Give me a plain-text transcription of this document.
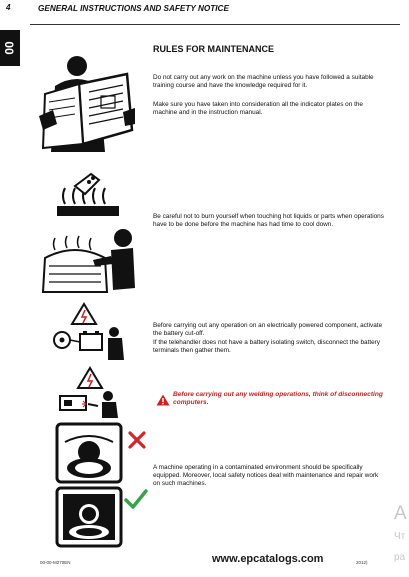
4	GENERAL INSTRUCTIONS AND SAFETY NOTICE
00	RULES FOR MAINTENANCE
Do not carry out any work on the machine unless you have followed a suitable training course and have the knowledge required for it.
Make sure you have taken into consideration all the indicator plates on the machine and in the instruction manual.
Be careful not to burn yourself when touching hot liquids or parts when operations have to be done before the machine has had time to cool down.
Before carrying out any operation on an electrically powered component, activate the battery cut-off.
If the telehandler does not have a battery isolating switch, disconnect the battery terminals then gather them.
Before carrying out any welding operations, think of disconnecting computers.
A machine operating in a contaminated environment should be specifically equipped. Moreover, local safety notices deal with maintenance and repair work on such machines.
00-00-M270EN	2012)
www.epcatalogs.com
A
Чт
ра
